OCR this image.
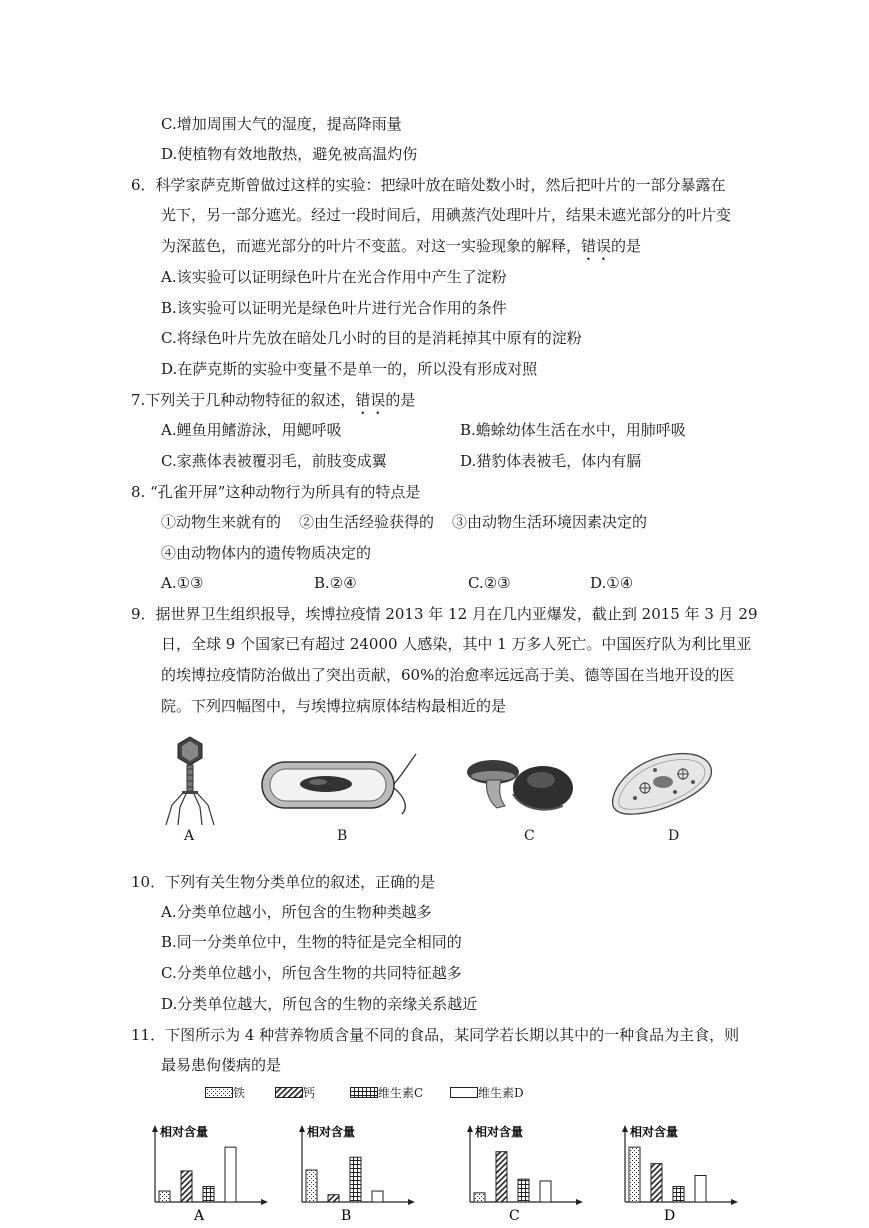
C.增加周围大气的湿度，提高降雨量
D.使植物有效地散热，避免被高温灼伤
6．科学家萨克斯曾做过这样的实验：把绿叶放在暗处数小时，然后把叶片的一部分暴露在
光下，另一部分遮光。经过一段时间后，用碘蒸汽处理叶片，结果未遮光部分的叶片变
为深蓝色，而遮光部分的叶片不变蓝。对这一实验现象的解释，错误的是
A.该实验可以证明绿色叶片在光合作用中产生了淀粉
B.该实验可以证明光是绿色叶片进行光合作用的条件
C.将绿色叶片先放在暗处几小时的目的是消耗掉其中原有的淀粉
D.在萨克斯的实验中变量不是单一的，所以没有形成对照
7.下列关于几种动物特征的叙述，错误的是
A.鲤鱼用鳍游泳，用鳃呼吸	B.蟾蜍幼体生活在水中，用肺呼吸
C.家燕体表被覆羽毛，前肢变成翼	D.猎豹体表被毛，体内有膈
8. “孔雀开屏”这种动物行为所具有的特点是
①动物生来就有的 ②由生活经验获得的 ③由动物生活环境因素决定的
④由动物体内的遗传物质决定的
A.①③	B.②④	C.②③	D.①④
9．据世界卫生组织报导，埃博拉疫情 2013 年 12 月在几内亚爆发，截止到 2015 年 3 月 29
日，全球 9 个国家已有超过 24000 人感染，其中 1 万多人死亡。中国医疗队为利比里亚
的埃博拉疫情防治做出了突出贡献，60%的治愈率远远高于美、德等国在当地开设的医
院。下列四幅图中，与埃博拉病原体结构最相近的是
A	B	C	D
10．下列有关生物分类单位的叙述，正确的是
A.分类单位越小，所包含的生物种类越多
B.同一分类单位中，生物的特征是完全相同的
C.分类单位越小，所包含生物的共同特征越多
D.分类单位越大，所包含的生物的亲缘关系越近
11．下图所示为 4 种营养物质含量不同的食品，某同学若长期以其中的一种食品为主食，则
最易患佝偻病的是
铁	钙	维生素C	维生素D
相对含量
A
相对含量
B
相对含量
C
相对含量
D
